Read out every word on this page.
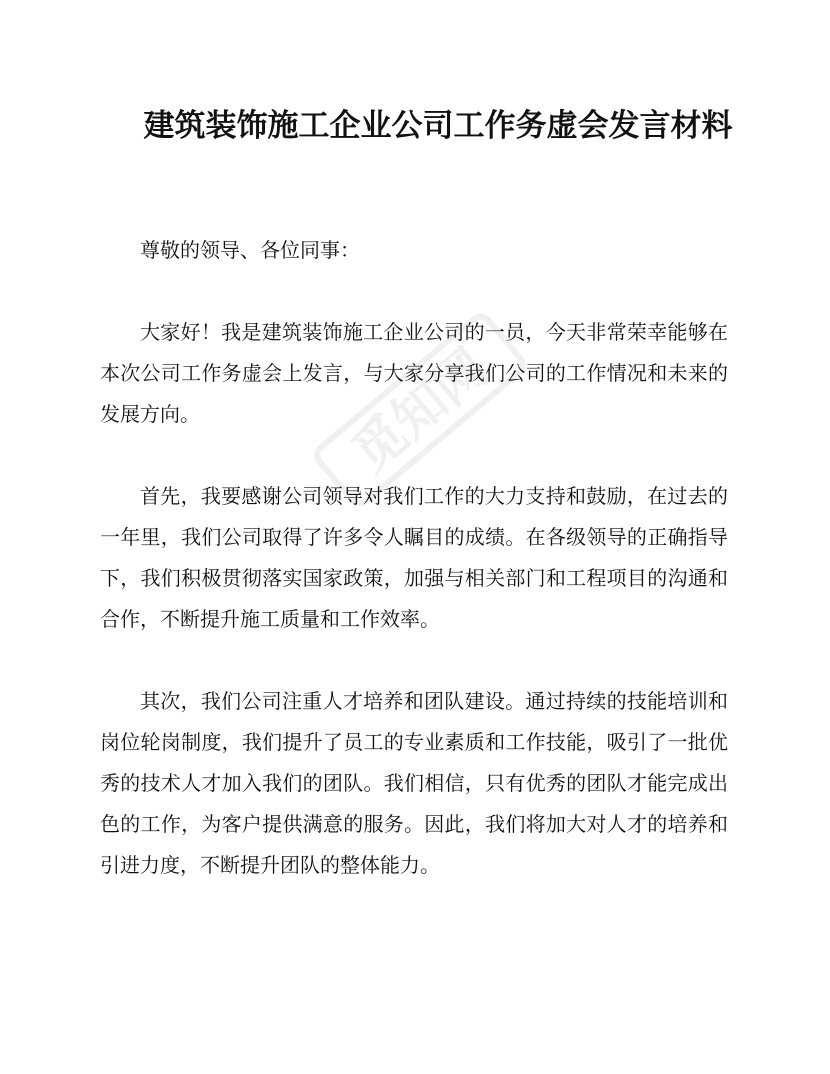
觅知网
建筑装饰施工企业公司工作务虚会发言材料

尊敬的领导、各位同事：

大家好！我是建筑装饰施工企业公司的一员，今天非常荣幸能够在本次公司工作务虚会上发言，与大家分享我们公司的工作情况和未来的发展方向。

首先，我要感谢公司领导对我们工作的大力支持和鼓励，在过去的一年里，我们公司取得了许多令人瞩目的成绩。在各级领导的正确指导下，我们积极贯彻落实国家政策，加强与相关部门和工程项目的沟通和合作，不断提升施工质量和工作效率。

其次，我们公司注重人才培养和团队建设。通过持续的技能培训和岗位轮岗制度，我们提升了员工的专业素质和工作技能，吸引了一批优秀的技术人才加入我们的团队。我们相信，只有优秀的团队才能完成出色的工作，为客户提供满意的服务。因此，我们将加大对人才的培养和引进力度，不断提升团队的整体能力。
